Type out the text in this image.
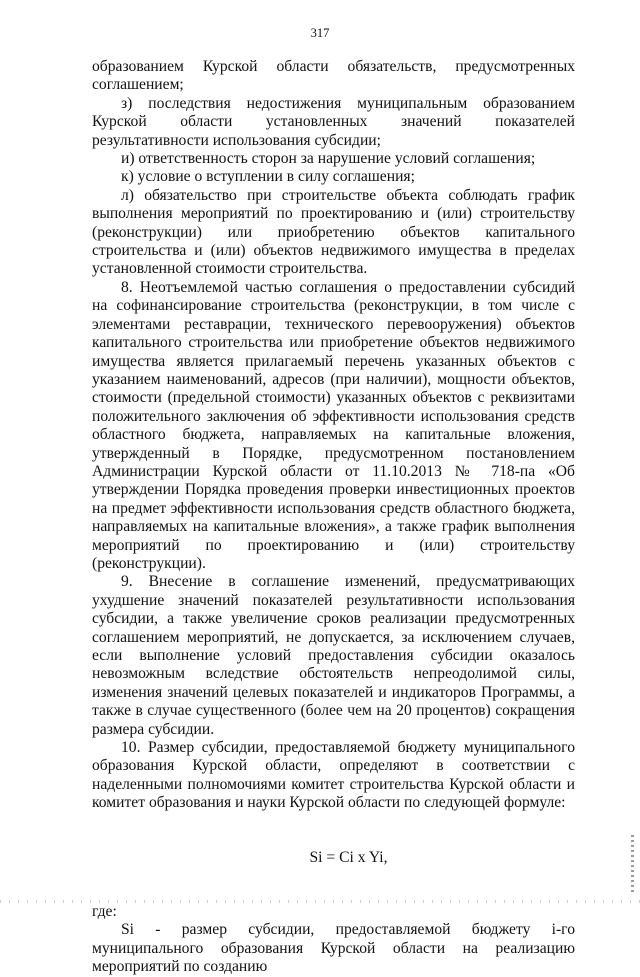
317

образованием Курской области обязательств, предусмотренных соглашением;

з) последствия недостижения муниципальным образованием Курской области установленных значений показателей результативности использования субсидии;

и) ответственность сторон за нарушение условий соглашения;

к) условие о вступлении в силу соглашения;

л) обязательство при строительстве объекта соблюдать график выполнения мероприятий по проектированию и (или) строительству (реконструкции) или приобретению объектов капитального строительства и (или) объектов недвижимого имущества в пределах установленной стоимости строительства.

8. Неотъемлемой частью соглашения о предоставлении субсидий на софинансирование строительства (реконструкции, в том числе с элементами реставрации, технического перевооружения) объектов капитального строительства или приобретение объектов недвижимого имущества является прилагаемый перечень указанных объектов с указанием наименований, адресов (при наличии), мощности объектов, стоимости (предельной стоимости) указанных объектов с реквизитами положительного заключения об эффективности использования средств областного бюджета, направляемых на капитальные вложения, утвержденный в Порядке, предусмотренном постановлением Администрации Курской области от 11.10.2013 № 718-па «Об утверждении Порядка проведения проверки инвестиционных проектов на предмет эффективности использования средств областного бюджета, направляемых на капитальные вложения», а также график выполнения мероприятий по проектированию и (или) строительству (реконструкции).

9. Внесение в соглашение изменений, предусматривающих ухудшение значений показателей результативности использования субсидии, а также увеличение сроков реализации предусмотренных соглашением мероприятий, не допускается, за исключением случаев, если выполнение условий предоставления субсидии оказалось невозможным вследствие обстоятельств непреодолимой силы, изменения значений целевых показателей и индикаторов Программы, а также в случае существенного (более чем на 20 процентов) сокращения размера субсидии.

10. Размер субсидии, предоставляемой бюджету муниципального образования Курской области, определяют в соответствии с наделенными полномочиями комитет строительства Курской области и комитет образования и науки Курской области по следующей формуле:

Si = Ci x Yi,

где:

Si - размер субсидии, предоставляемой бюджету i-го муниципального образования Курской области на реализацию мероприятий по созданию
